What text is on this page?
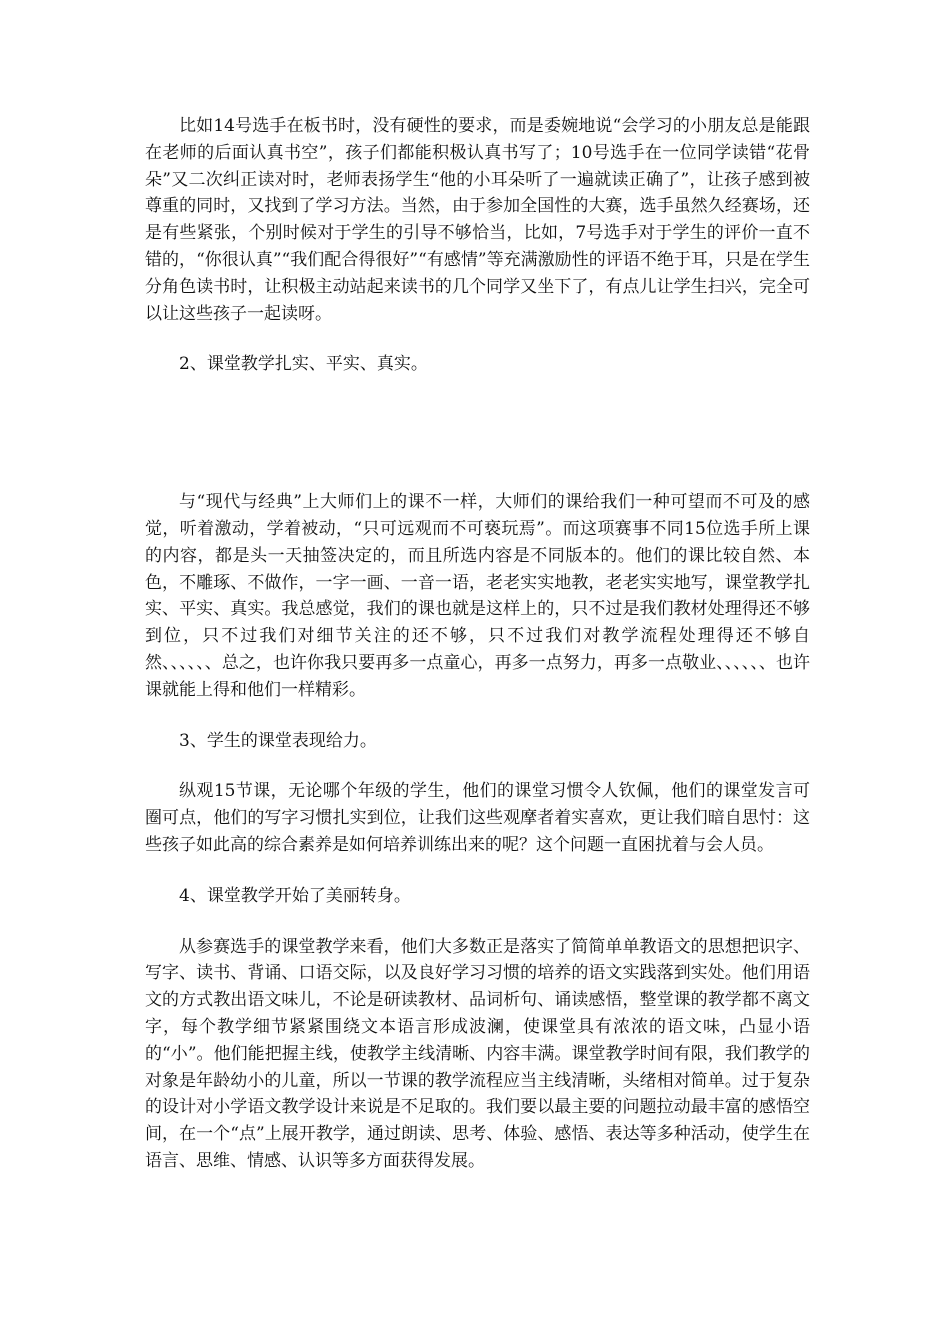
比如14号选手在板书时，没有硬性的要求，而是委婉地说“会学习的小朋友总是能跟在老师的后面认真书空”，孩子们都能积极认真书写了；10号选手在一位同学读错“花骨朵”又二次纠正读对时，老师表扬学生“他的小耳朵听了一遍就读正确了”，让孩子感到被尊重的同时，又找到了学习方法。当然，由于参加全国性的大赛，选手虽然久经赛场，还是有些紧张，个别时候对于学生的引导不够恰当，比如，7号选手对于学生的评价一直不错的，“你很认真”“我们配合得很好”“有感情”等充满激励性的评语不绝于耳，只是在学生分角色读书时，让积极主动站起来读书的几个同学又坐下了，有点儿让学生扫兴，完全可以让这些孩子一起读呀。

2、课堂教学扎实、平实、真实。

与“现代与经典”上大师们上的课不一样，大师们的课给我们一种可望而不可及的感觉，听着激动，学着被动，“只可远观而不可亵玩焉”。而这项赛事不同15位选手所上课的内容，都是头一天抽签决定的，而且所选内容是不同版本的。他们的课比较自然、本色，不雕琢、不做作，一字一画、一音一语，老老实实地教，老老实实地写，课堂教学扎实、平实、真实。我总感觉，我们的课也就是这样上的，只不过是我们教材处理得还不够到位，只不过我们对细节关注的还不够，只不过我们对教学流程处理得还不够自然、、、、、、总之，也许你我只要再多一点童心，再多一点努力，再多一点敬业、、、、、、也许课就能上得和他们一样精彩。

3、学生的课堂表现给力。

纵观15节课，无论哪个年级的学生，他们的课堂习惯令人钦佩，他们的课堂发言可圈可点，他们的写字习惯扎实到位，让我们这些观摩者着实喜欢，更让我们暗自思忖：这些孩子如此高的综合素养是如何培养训练出来的呢？这个问题一直困扰着与会人员。

4、课堂教学开始了美丽转身。

从参赛选手的课堂教学来看，他们大多数正是落实了简简单单教语文的思想把识字、写字、读书、背诵、口语交际，以及良好学习习惯的培养的语文实践落到实处。他们用语文的方式教出语文味儿，不论是研读教材、品词析句、诵读感悟，整堂课的教学都不离文字，每个教学细节紧紧围绕文本语言形成波澜，使课堂具有浓浓的语文味，凸显小语的“小”。他们能把握主线，使教学主线清晰、内容丰满。课堂教学时间有限，我们教学的对象是年龄幼小的儿童，所以一节课的教学流程应当主线清晰，头绪相对简单。过于复杂的设计对小学语文教学设计来说是不足取的。我们要以最主要的问题拉动最丰富的感悟空间，在一个“点”上展开教学，通过朗读、思考、体验、感悟、表达等多种活动，使学生在语言、思维、情感、认识等多方面获得发展。
